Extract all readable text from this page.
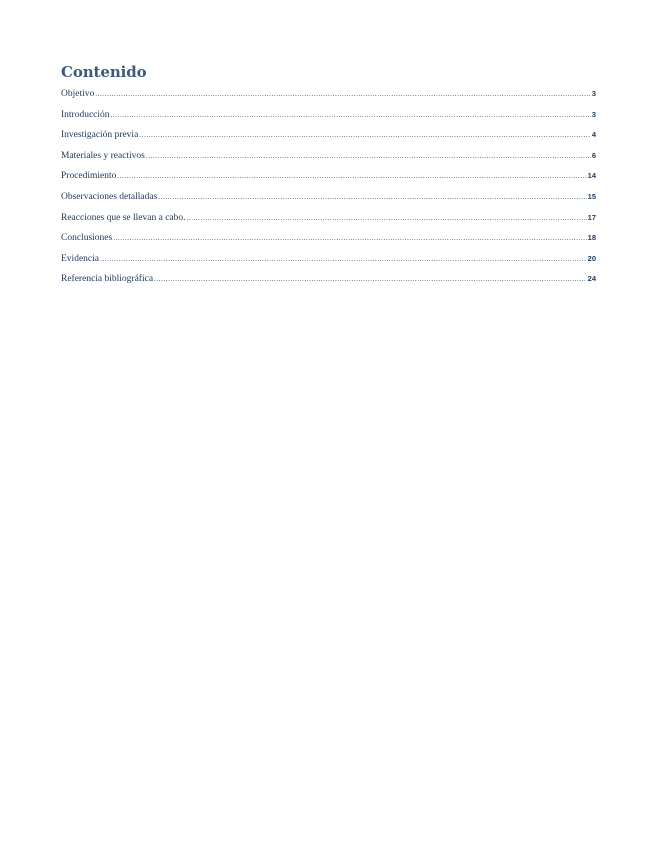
Contenido
Objetivo .....	3
Introducción .....	3
Investigación previa .....	4
Materiales y reactivos .....	6
Procedimiento .....	14
Observaciones detalladas .....	15
Reacciones que se llevan a cabo. .....	17
Conclusiones .....	18
Evidencia .....	20
Referencia bibliográfica .....	24
